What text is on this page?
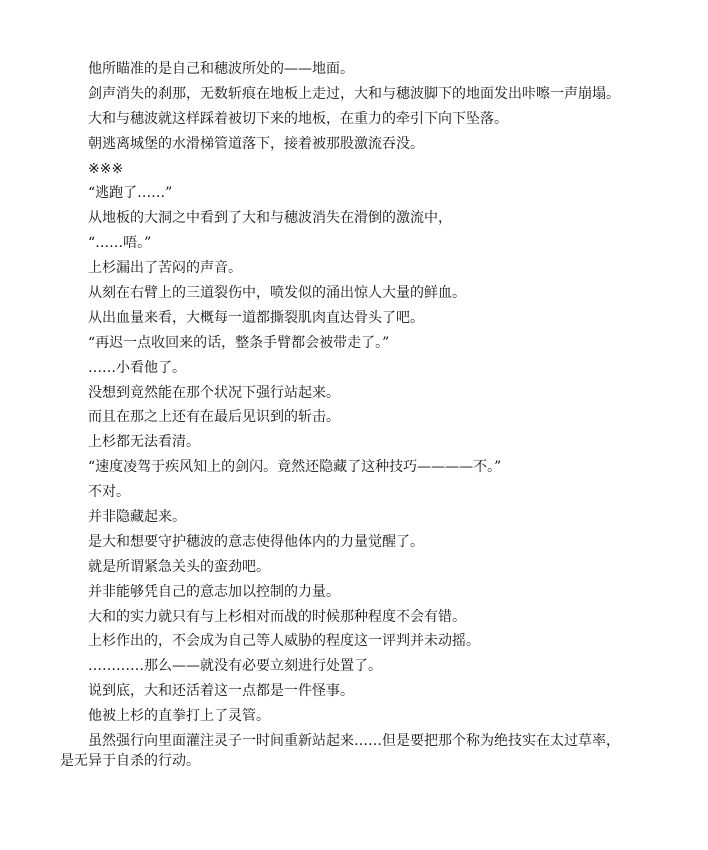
他所瞄准的是自己和穗波所处的——地面。

剑声消失的刹那，无数斩痕在地板上走过，大和与穗波脚下的地面发出咔嚓一声崩塌。

大和与穗波就这样踩着被切下来的地板，在重力的牵引下向下坠落。

朝逃离城堡的水滑梯管道落下，接着被那股激流吞没。

※※※

“逃跑了……”

从地板的大洞之中看到了大和与穗波消失在滑倒的激流中，

“……唔。”

上杉漏出了苦闷的声音。

从刻在右臂上的三道裂伤中，喷发似的涌出惊人大量的鲜血。

从出血量来看，大概每一道都撕裂肌肉直达骨头了吧。

“再迟一点收回来的话，整条手臂都会被带走了。”

……小看他了。

没想到竟然能在那个状况下强行站起来。

而且在那之上还有在最后见识到的斩击。

上杉都无法看清。

“速度凌驾于疾风知上的剑闪。竟然还隐藏了这种技巧————不。”

不对。

并非隐藏起来。

是大和想要守护穗波的意志使得他体内的力量觉醒了。

就是所谓紧急关头的蛮劲吧。

并非能够凭自己的意志加以控制的力量。

大和的实力就只有与上杉相对而战的时候那种程度不会有错。

上杉作出的，不会成为自己等人威胁的程度这一评判并未动摇。

…………那么——就没有必要立刻进行处置了。

说到底，大和还活着这一点都是一件怪事。

他被上杉的直拳打上了灵管。

虽然强行向里面灌注灵子一时间重新站起来……但是要把那个称为绝技实在太过草率，是无异于自杀的行动。
